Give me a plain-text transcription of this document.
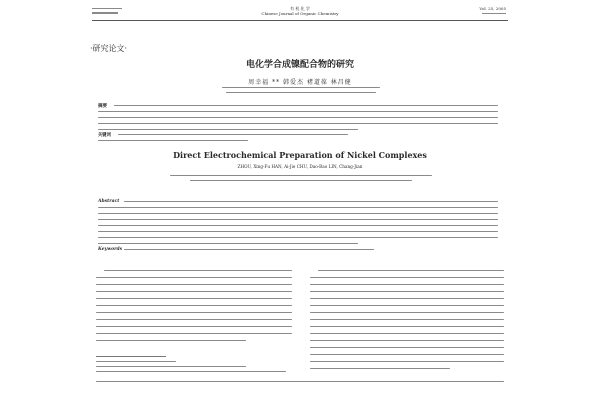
有 机 化 学
Chinese Journal of Organic Chemistry
Vol. 25, 2005
·研究论文·
电化学合成镍配合物的研究
周幸福 ** 韩爱杰 褚道葆 林昌健
摘要
关键词
Direct Electrochemical Preparation of Nickel Complexes
ZHOU, Xing-Fu HAN, Ai-Jie CHU, Dao-Bao LIN, Chang-Jian
Abstract
Keywords
